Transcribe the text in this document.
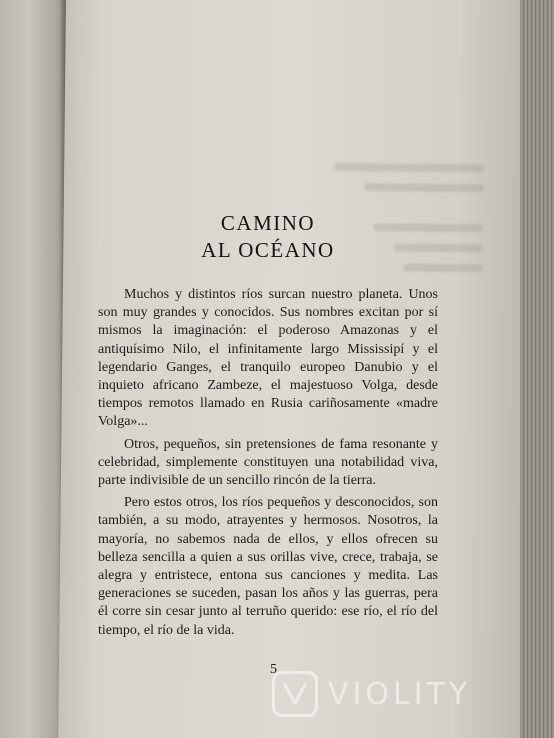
CAMINO
AL OCÉANO

Muchos y distintos ríos surcan nuestro planeta. Unos son muy grandes y conocidos. Sus nombres excitan por sí mismos la imaginación: el poderoso Amazonas y el antiquísimo Nilo, el infinitamente largo Mississipí y el legendario Ganges, el tranquilo europeo Danubio y el inquieto africano Zambeze, el majestuoso Volga, desde tiempos remotos llamado en Rusia cariñosamente «madre Volga»...

Otros, pequeños, sin pretensiones de fama resonante y celebridad, simplemente constituyen una notabilidad viva, parte indivisible de un sencillo rincón de la tierra.

Pero estos otros, los ríos pequeños y desconocidos, son también, a su modo, atrayentes y hermosos. Nosotros, la mayoría, no sabemos nada de ellos, y ellos ofrecen su belleza sencilla a quien a sus orillas vive, crece, trabaja, se alegra y entristece, entona sus canciones y medita. Las generaciones se suceden, pasan los años y las guerras, pera él corre sin cesar junto al terruño querido: ese río, el río del tiempo, el río de la vida.

5
VIOLITY
